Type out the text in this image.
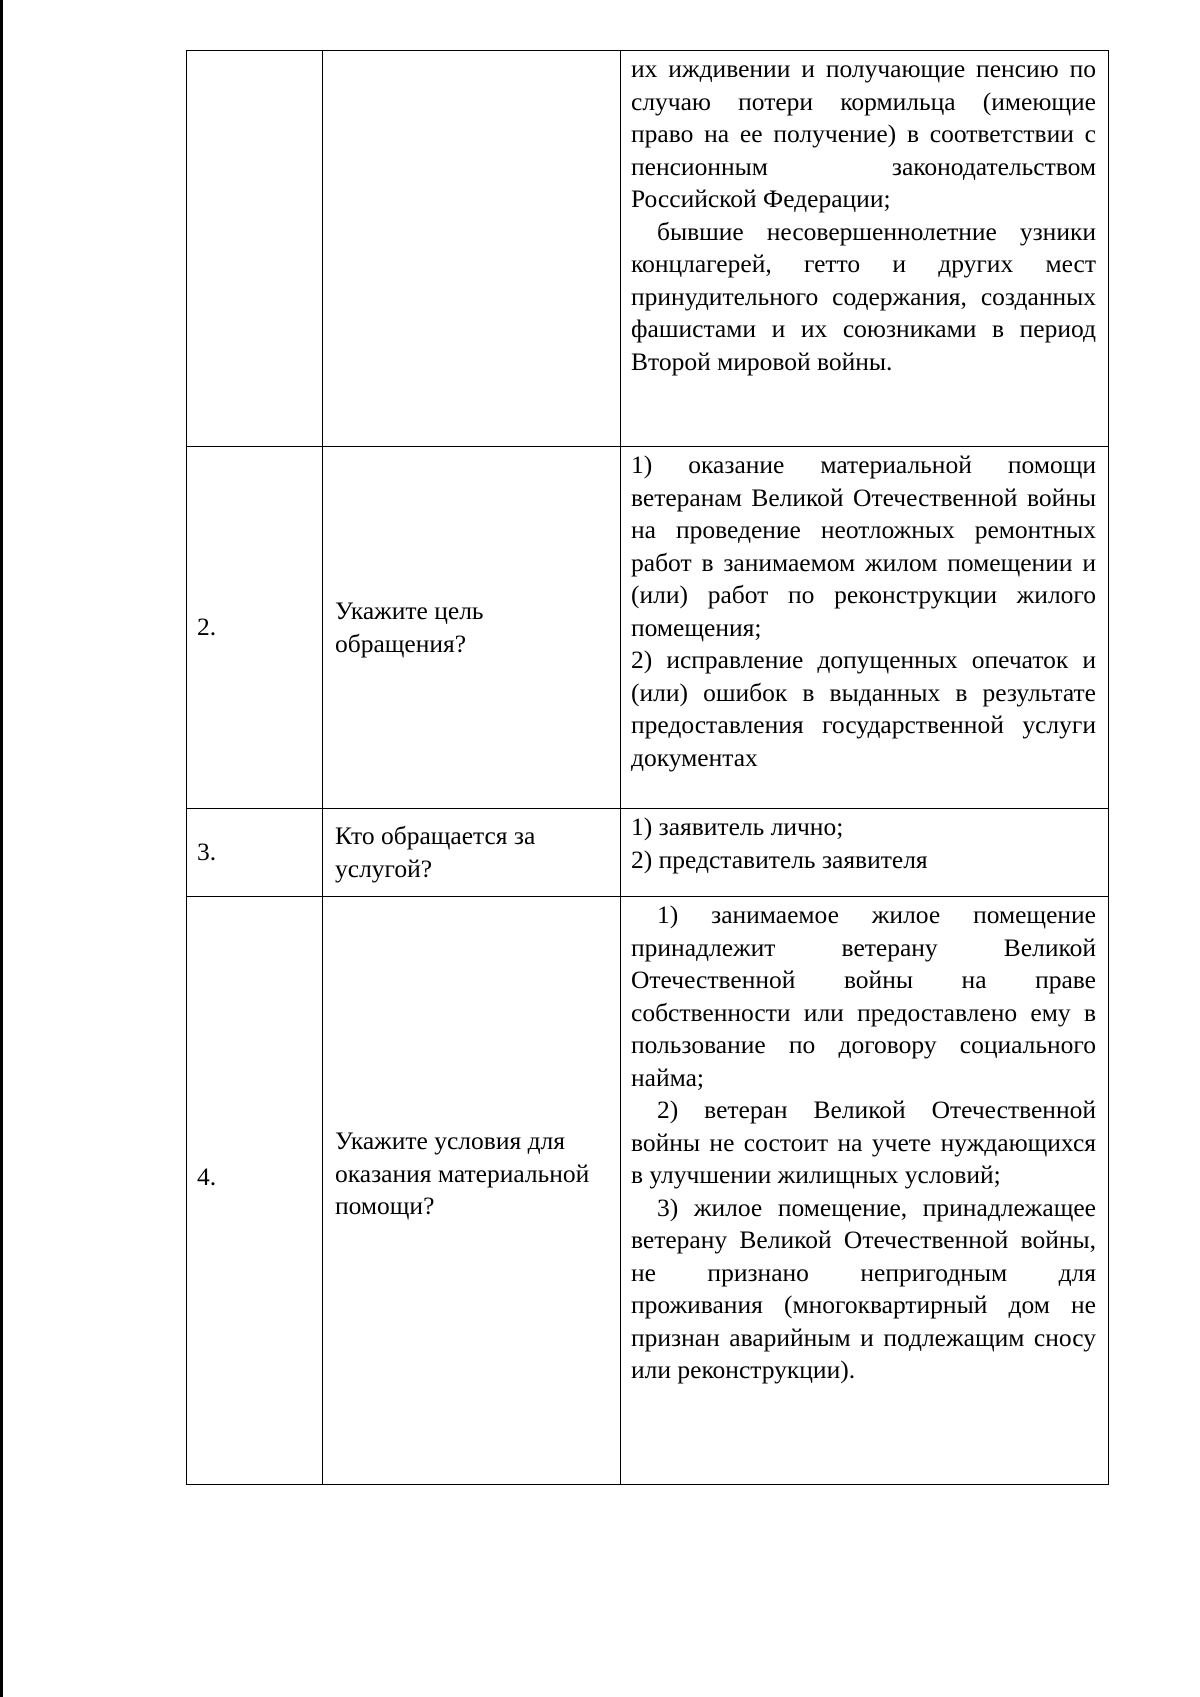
		их иждивении и получающие пенсию по случаю потери кормильца (имеющие право на ее получение) в соответствии с пенсионным законодательством Российской Федерации;
бывшие несовершеннолетние узники концлагерей, гетто и других мест принудительного содержания, созданных фашистами и их союзниками в период Второй мировой войны.

2.	Укажите цель обращения?	1) оказание материальной помощи ветеранам Великой Отечественной войны на проведение неотложных ремонтных работ в занимаемом жилом помещении и (или) работ по реконструкции жилого помещения;
2) исправление допущенных опечаток и (или) ошибок в выданных в результате предоставления государственной услуги документах

3.	Кто обращается за услугой?	1) заявитель лично;
2) представитель заявителя

4.	Укажите условия для оказания материальной помощи?	1) занимаемое жилое помещение принадлежит ветерану Великой Отечественной войны на праве собственности или предоставлено ему в пользование по договору социального найма;
2) ветеран Великой Отечественной войны не состоит на учете нуждающихся в улучшении жилищных условий;
3) жилое помещение, принадлежащее ветерану Великой Отечественной войны, не признано непригодным для проживания (многоквартирный дом не признан аварийным и подлежащим сносу или реконструкции).
